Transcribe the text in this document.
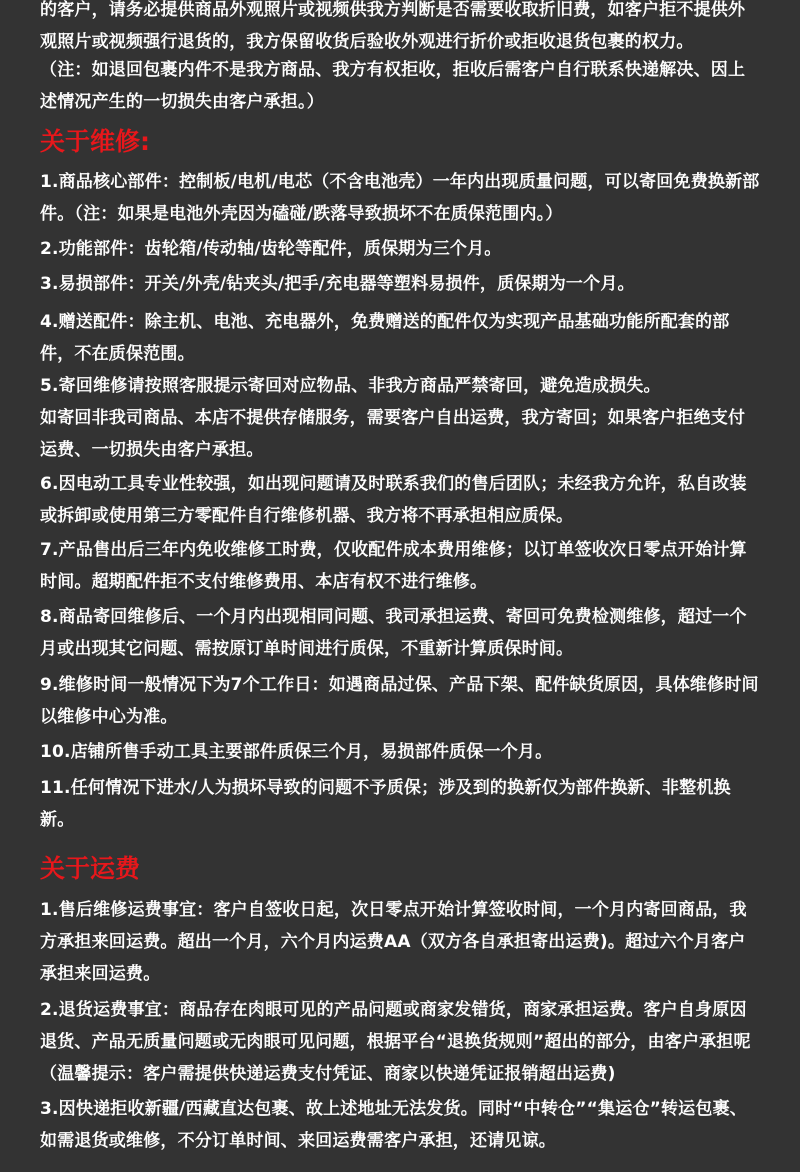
的客户，请务必提供商品外观照片或视频供我方判断是否需要收取折旧费，如客户拒不提供外观照片或视频强行退货的，我方保留收货后验收外观进行折价或拒收退货包裹的权力。

（注：如退回包裹内件不是我方商品、我方有权拒收，拒收后需客户自行联系快递解决、因上述情况产生的一切损失由客户承担。）

关于维修:

1.商品核心部件：控制板/电机/电芯（不含电池壳）一年内出现质量问题，可以寄回免费换新部件。（注：如果是电池外壳因为磕碰/跌落导致损坏不在质保范围内。）

2.功能部件：齿轮箱/传动轴/齿轮等配件，质保期为三个月。

3.易损部件：开关/外壳/钻夹头/把手/充电器等塑料易损件，质保期为一个月。

4.赠送配件：除主机、电池、充电器外，免费赠送的配件仅为实现产品基础功能所配套的部件，不在质保范围。

5.寄回维修请按照客服提示寄回对应物品、非我方商品严禁寄回，避免造成损失。

如寄回非我司商品、本店不提供存储服务，需要客户自出运费，我方寄回；如果客户拒绝支付运费、一切损失由客户承担。

6.因电动工具专业性较强，如出现问题请及时联系我们的售后团队；未经我方允许，私自改装或拆卸或使用第三方零配件自行维修机器、我方将不再承担相应质保。

7.产品售出后三年内免收维修工时费，仅收配件成本费用维修；以订单签收次日零点开始计算时间。超期配件拒不支付维修费用、本店有权不进行维修。

8.商品寄回维修后、一个月内出现相同问题、我司承担运费、寄回可免费检测维修，超过一个月或出现其它问题、需按原订单时间进行质保，不重新计算质保时间。

9.维修时间一般情况下为7个工作日：如遇商品过保、产品下架、配件缺货原因，具体维修时间以维修中心为准。

10.店铺所售手动工具主要部件质保三个月，易损部件质保一个月。

11.任何情况下进水/人为损坏导致的问题不予质保；涉及到的换新仅为部件换新、非整机换新。

关于运费

1.售后维修运费事宜：客户自签收日起，次日零点开始计算签收时间，一个月内寄回商品，我方承担来回运费。超出一个月，六个月内运费AA（双方各自承担寄出运费)。超过六个月客户承担来回运费。

2.退货运费事宜：商品存在肉眼可见的产品问题或商家发错货，商家承担运费。客户自身原因退货、产品无质量问题或无肉眼可见问题，根据平台“退换货规则”超出的部分，由客户承担呢（温馨提示：客户需提供快递运费支付凭证、商家以快递凭证报销超出运费)

3.因快递拒收新疆/西藏直达包裹、故上述地址无法发货。同时“中转仓”“集运仓”转运包裹、如需退货或维修，不分订单时间、来回运费需客户承担，还请见谅。
